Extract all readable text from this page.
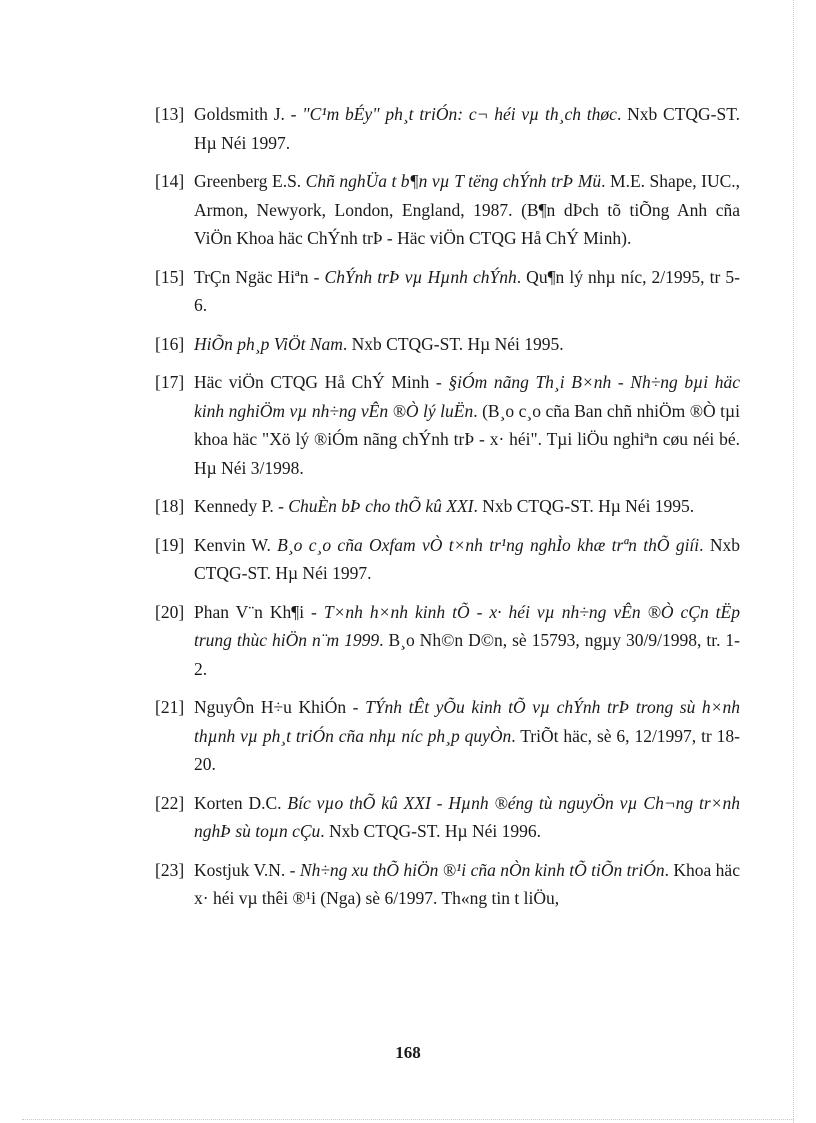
[13] Goldsmith J. - "C¹m bÉy" ph¸t triÓn: c¬ héi vµ th¸ch thøc. Nxb CTQG-ST. Hµ Néi 1997.
[14] Greenberg E.S. Chñ nghÜa t b¶n vµ T tëng chÝnh trÞ Mü. M.E. Shape, IUC., Armon, Newyork, London, England, 1987. (B¶n dÞch tõ tiÕng Anh cña ViÖn Khoa häc ChÝnh trÞ - Häc viÖn CTQG Hå ChÝ Minh).
[15] TrÇn Ngäc Hiªn - ChÝnh trÞ vµ Hµnh chÝnh. Qu¶n lý nhµ níc, 2/1995, tr 5-6.
[16] HiÕn ph¸p ViÖt Nam. Nxb CTQG-ST. Hµ Néi 1995.
[17] Häc viÖn CTQG Hå ChÝ Minh - §iÓm nãng Th¸i B×nh - Nh÷ng bµi häc kinh nghiÖm vµ nh÷ng vÊn ®Ò lý luËn. (B¸o c¸o cña Ban chñ nhiÖm ®Ò tµi khoa häc "Xö lý ®iÓm nãng chÝnh trÞ - x· héi". Tµi liÖu nghiªn cøu néi bé. Hµ Néi 3/1998.
[18] Kennedy P. - ChuÈn bÞ cho thÕ kû XXI. Nxb CTQG-ST. Hµ Néi 1995.
[19] Kenvin W. B¸o c¸o cña Oxfam vÒ t×nh tr¹ng nghÌo khæ trªn thÕ giíi. Nxb CTQG-ST. Hµ Néi 1997.
[20] Phan V¨n Kh¶i - T×nh h×nh kinh tÕ - x· héi vµ nh÷ng vÊn ®Ò cÇn tËp trung thùc hiÖn n¨m 1999. B¸o Nh©n D©n, sè 15793, ngµy 30/9/1998, tr. 1-2.
[21] NguyÔn H÷u KhiÓn - TÝnh tÊt yÕu kinh tÕ vµ chÝnh trÞ trong sù h×nh thµnh vµ ph¸t triÓn cña nhµ níc ph¸p quyÒn. TriÕt häc, sè 6, 12/1997, tr 18-20.
[22] Korten D.C. Bíc vµo thÕ kû XXI - Hµnh ®éng tù nguyÖn vµ Ch¬ng tr×nh nghÞ sù toµn cÇu. Nxb CTQG-ST. Hµ Néi 1996.
[23] Kostjuk V.N. - Nh÷ng xu thÕ hiÖn ®¹i cña nÒn kinh tÕ tiÕn triÓn. Khoa häc x· héi vµ thêi ®¹i (Nga) sè 6/1997. Th«ng tin t liÖu,
168
